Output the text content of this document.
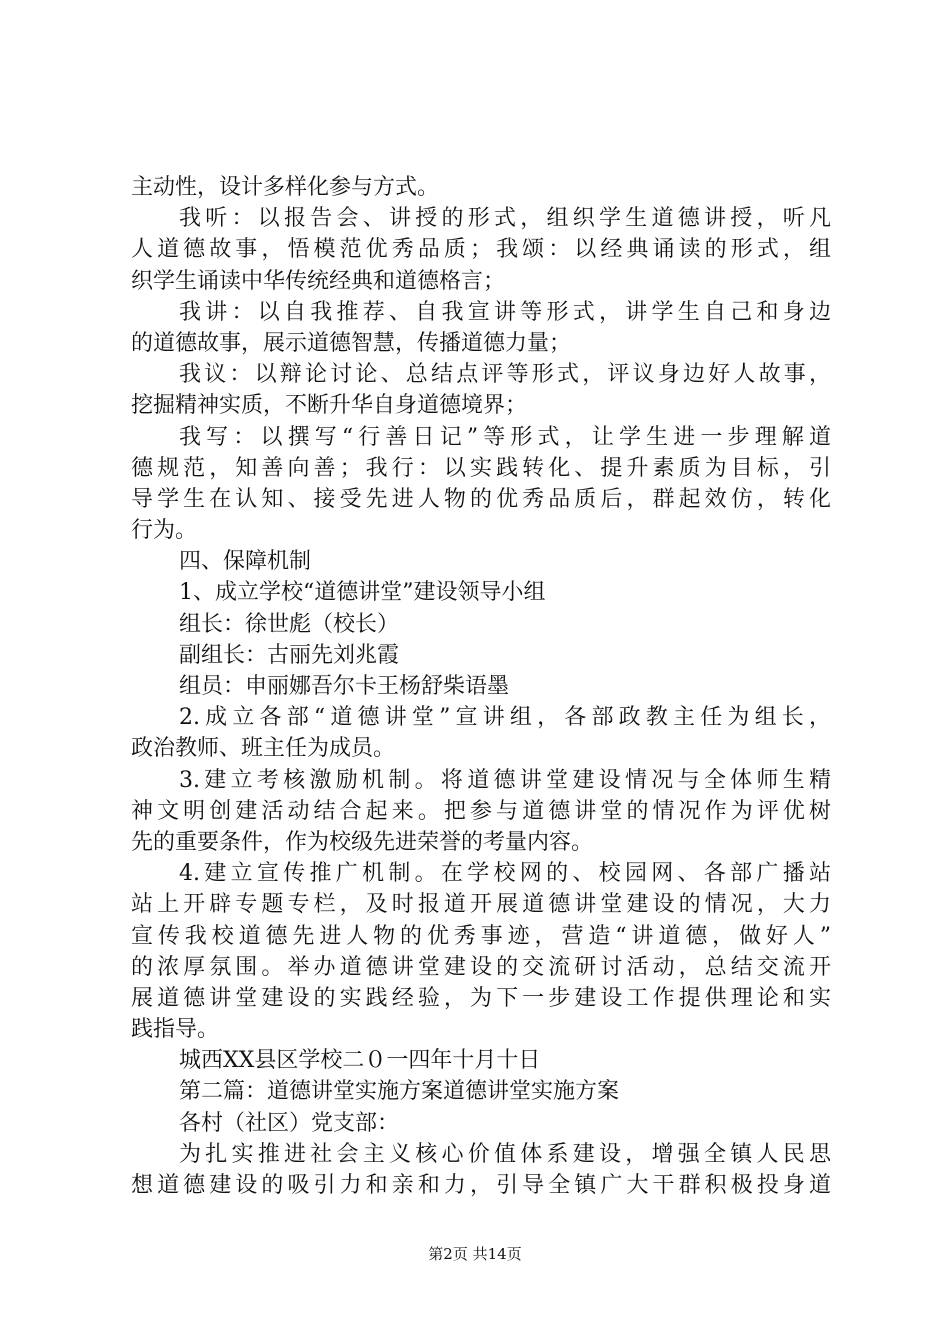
主动性，设计多样化参与方式。
我听：以报告会、讲授的形式，组织学生道德讲授，听凡
人道德故事，悟模范优秀品质；我颂：以经典诵读的形式，组
织学生诵读中华传统经典和道德格言；
我讲：以自我推荐、自我宣讲等形式，讲学生自己和身边
的道德故事，展示道德智慧，传播道德力量；
我议：以辩论讨论、总结点评等形式，评议身边好人故事，
挖掘精神实质，不断升华自身道德境界；
我写：以撰写“行善日记”等形式，让学生进一步理解道
德规范，知善向善；我行：以实践转化、提升素质为目标，引
导学生在认知、接受先进人物的优秀品质后，群起效仿，转化
行为。
四、保障机制
1、成立学校“道德讲堂”建设领导小组
组长：徐世彪（校长）
副组长：古丽先刘兆霞
组员：申丽娜吾尔卡王杨舒柴语墨
2.成立各部“道德讲堂”宣讲组，各部政教主任为组长，
政治教师、班主任为成员。
3.建立考核激励机制。将道德讲堂建设情况与全体师生精
神文明创建活动结合起来。把参与道德讲堂的情况作为评优树
先的重要条件，作为校级先进荣誉的考量内容。
4.建立宣传推广机制。在学校网的、校园网、各部广播站
站上开辟专题专栏，及时报道开展道德讲堂建设的情况，大力
宣传我校道德先进人物的优秀事迹，营造“讲道德，做好人”
的浓厚氛围。举办道德讲堂建设的交流研讨活动，总结交流开
展道德讲堂建设的实践经验，为下一步建设工作提供理论和实
践指导。
城西XX县区学校二０一四年十月十日
第二篇：道德讲堂实施方案道德讲堂实施方案
各村（社区）党支部：
为扎实推进社会主义核心价值体系建设，增强全镇人民思
想道德建设的吸引力和亲和力，引导全镇广大干群积极投身道
第2页 共14页
